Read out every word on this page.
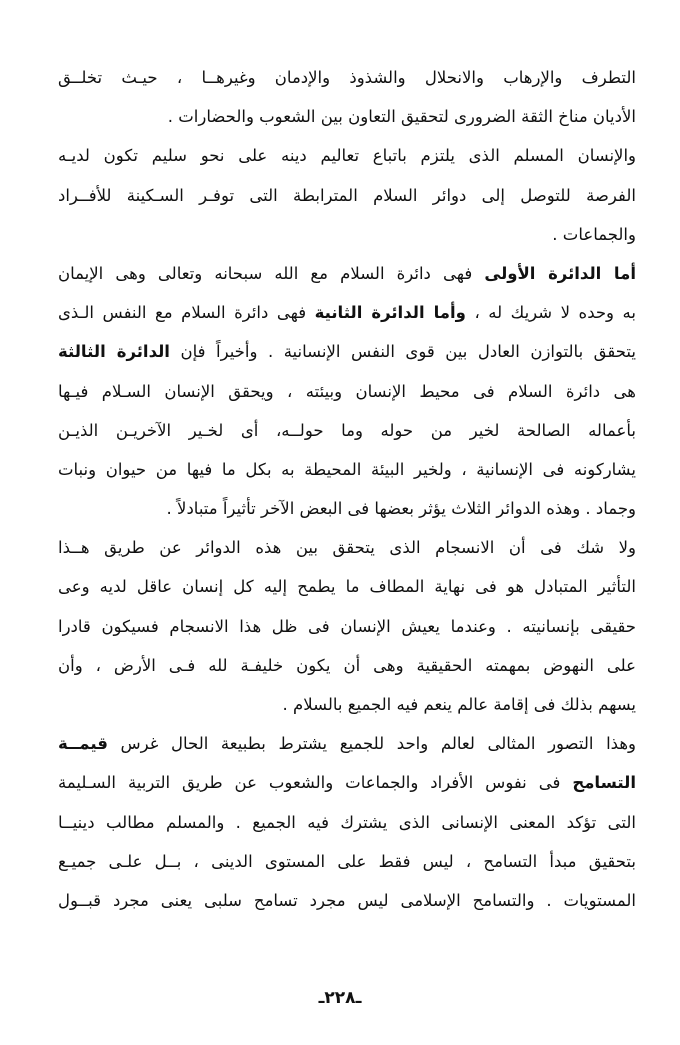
التطرف والإرهاب والانحلال والشذوذ والإدمان وغيرهــا ، حيـث تخلــق
الأديان مناخ الثقة الضرورى لتحقيق التعاون بين الشعوب والحضارات .
والإنسان المسلم الذى يلتزم باتباع تعاليم دينه على نحو سليم تكون لديـه
الفرصة للتوصل إلى دوائر السلام المترابطة التى توفـر السـكينة للأفــراد
والجماعات .
أما الدائرة الأولى فهى دائرة السلام مع الله سبحانه وتعالى وهى الإيمان
به وحده لا شريك له ، وأما الدائرة الثانية فهى دائرة السلام مع النفس الـذى
يتحقق بالتوازن العادل بين قوى النفس الإنسانية . وأخيراً فإن الدائرة الثالثة
هى دائرة السلام فى محيط الإنسان وبيئته ، ويحقق الإنسان السـلام فيـها
بأعماله الصالحة لخير من حوله وما حولــه، أى لخـير الآخريـن الذيـن
يشاركونه فى الإنسانية ، ولخير البيئة المحيطة به بكل ما فيها من حيوان ونبات
وجماد . وهذه الدوائر الثلاث يؤثر بعضها فى البعض الآخر تأثيراً متبادلاً .
ولا شك فى أن الانسجام الذى يتحقق بين هذه الدوائر عن طريق هــذا
التأثير المتبادل هو فى نهاية المطاف ما يطمح إليه كل إنسان عاقل لديه وعى
حقيقى بإنسانيته . وعندما يعيش الإنسان فى ظل هذا الانسجام فسيكون قادرا
على النهوض بمهمته الحقيقية وهى أن يكون خليفـة لله فـى الأرض ، وأن
يسهم بذلك فى إقامة عالم ينعم فيه الجميع بالسلام .
وهذا التصور المثالى لعالم واحد للجميع يشترط بطبيعة الحال غرس قيمــة
التسامح فى نفوس الأفراد والجماعات والشعوب عن طريق التربية السـليمة
التى تؤكد المعنى الإنسانى الذى يشترك فيه الجميع . والمسلم مطالب دينيــا
بتحقيق مبدأ التسامح ، ليس فقط على المستوى الدينى ، بــل علـى جميـع
المستويات . والتسامح الإسلامى ليس مجرد تسامح سلبى يعنى مجرد قبــول
ـ٢٢٨ـ
